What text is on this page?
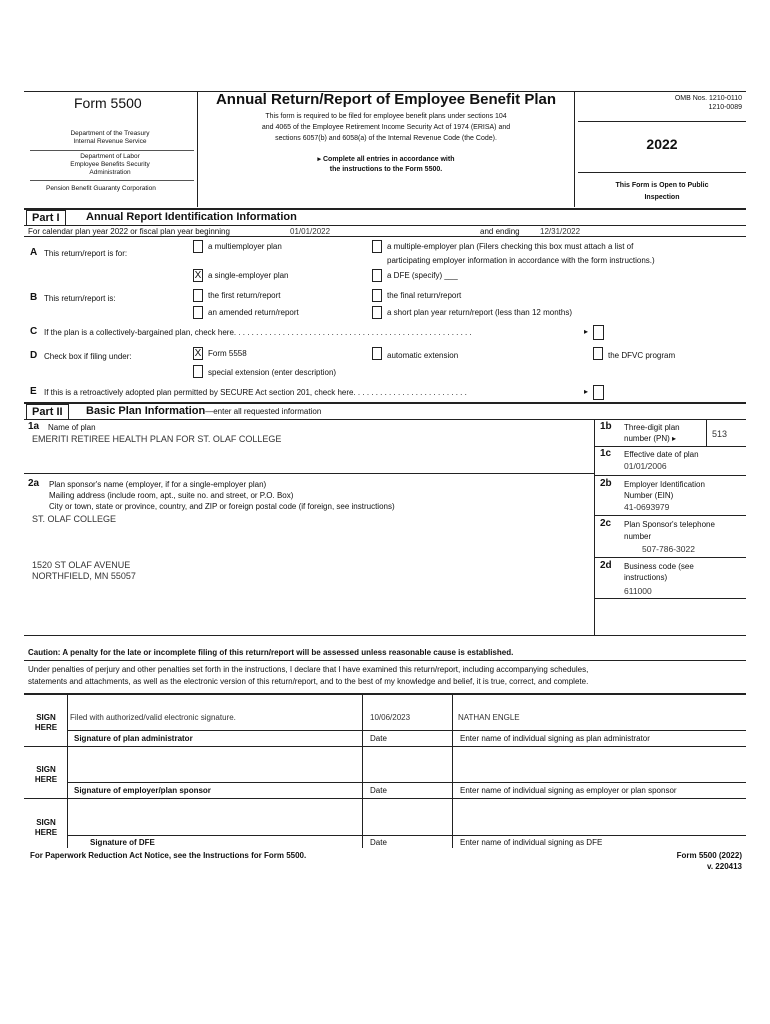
Form 5500
Department of the Treasury
Internal Revenue Service
Department of Labor
Employee Benefits Security
Administration
Pension Benefit Guaranty Corporation
Annual Return/Report of Employee Benefit Plan
This form is required to be filed for employee benefit plans under sections 104
and 4065 of the Employee Retirement Income Security Act of 1974 (ERISA) and
sections 6057(b) and 6058(a) of the Internal Revenue Code (the Code).
▸ Complete all entries in accordance with
the instructions to the Form 5500.
OMB Nos. 1210-0110
1210-0089
2022
This Form is Open to Public
Inspection
Part I	Annual Report Identification Information
For calendar plan year 2022 or fiscal plan year beginning	01/01/2022	and ending	12/31/2022
A This return/report is for:
a multiemployer plan	a multiple-employer plan (Filers checking this box must attach a list of
participating employer information in accordance with the form instructions.)
X a single-employer plan	a DFE (specify) ___
B This return/report is:	the first return/report	the final return/report
an amended return/report	a short plan year return/report (less than 12 months)
C If the plan is a collectively-bargained plan, check here. . . . . . . . . . . . . . . . . . . . . . . . . . . . . . . . . . . . . . . . . . . . . . . . . . . . . .	▸
D Check box if filing under:	X Form 5558	automatic extension	the DFVC program
special extension (enter description)
E If this is a retroactively adopted plan permitted by SECURE Act section 201, check here. . . . . . . . . . . . . . . . . . . . . . . . . .	▸
Part II	Basic Plan Information—enter all requested information
1a Name of plan
EMERITI RETIREE HEALTH PLAN FOR ST. OLAF COLLEGE
1b Three-digit plan
number (PN) ▸	513
1c Effective date of plan
01/01/2006
2a Plan sponsor's name (employer, if for a single-employer plan)
Mailing address (include room, apt., suite no. and street, or P.O. Box)
City or town, state or province, country, and ZIP or foreign postal code (if foreign, see instructions)
ST. OLAF COLLEGE
1520 ST OLAF AVENUE
NORTHFIELD, MN 55057
2b Employer Identification
Number (EIN)
41-0693979
2c Plan Sponsor's telephone
number
507-786-3022
2d Business code (see
instructions)
611000
Caution: A penalty for the late or incomplete filing of this return/report will be assessed unless reasonable cause is established.
Under penalties of perjury and other penalties set forth in the instructions, I declare that I have examined this return/report, including accompanying schedules,
statements and attachments, as well as the electronic version of this return/report, and to the best of my knowledge and belief, it is true, correct, and complete.
SIGN
HERE
Filed with authorized/valid electronic signature.	10/06/2023	NATHAN ENGLE
Signature of plan administrator	Date	Enter name of individual signing as plan administrator
SIGN
HERE
Signature of employer/plan sponsor	Date	Enter name of individual signing as employer or plan sponsor
SIGN
HERE
Signature of DFE	Date	Enter name of individual signing as DFE
For Paperwork Reduction Act Notice, see the Instructions for Form 5500.	Form 5500 (2022)
v. 220413
